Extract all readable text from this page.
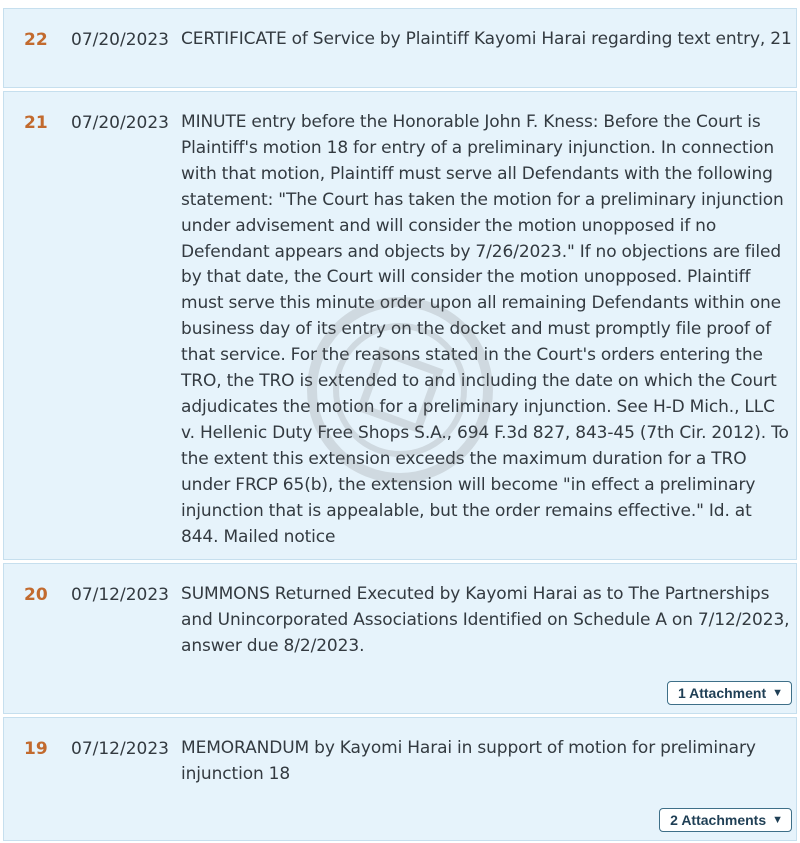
22 07/20/2023 CERTIFICATE of Service by Plaintiff Kayomi Harai regarding text entry, 21
21 07/20/2023 MINUTE entry before the Honorable John F. Kness: Before the Court is Plaintiff's motion 18 for entry of a preliminary injunction. In connection with that motion, Plaintiff must serve all Defendants with the following statement: "The Court has taken the motion for a preliminary injunction under advisement and will consider the motion unopposed if no Defendant appears and objects by 7/26/2023." If no objections are filed by that date, the Court will consider the motion unopposed. Plaintiff must serve this minute order upon all remaining Defendants within one business day of its entry on the docket and must promptly file proof of that service. For the reasons stated in the Court's orders entering the TRO, the TRO is extended to and including the date on which the Court adjudicates the motion for a preliminary injunction. See H-D Mich., LLC v. Hellenic Duty Free Shops S.A., 694 F.3d 827, 843-45 (7th Cir. 2012). To the extent this extension exceeds the maximum duration for a TRO under FRCP 65(b), the extension will become "in effect a preliminary injunction that is appealable, but the order remains effective." Id. at 844. Mailed notice
20 07/12/2023 SUMMONS Returned Executed by Kayomi Harai as to The Partnerships and Unincorporated Associations Identified on Schedule A on 7/12/2023, answer due 8/2/2023.
1 Attachment ▼
19 07/12/2023 MEMORANDUM by Kayomi Harai in support of motion for preliminary injunction 18
2 Attachments ▼
